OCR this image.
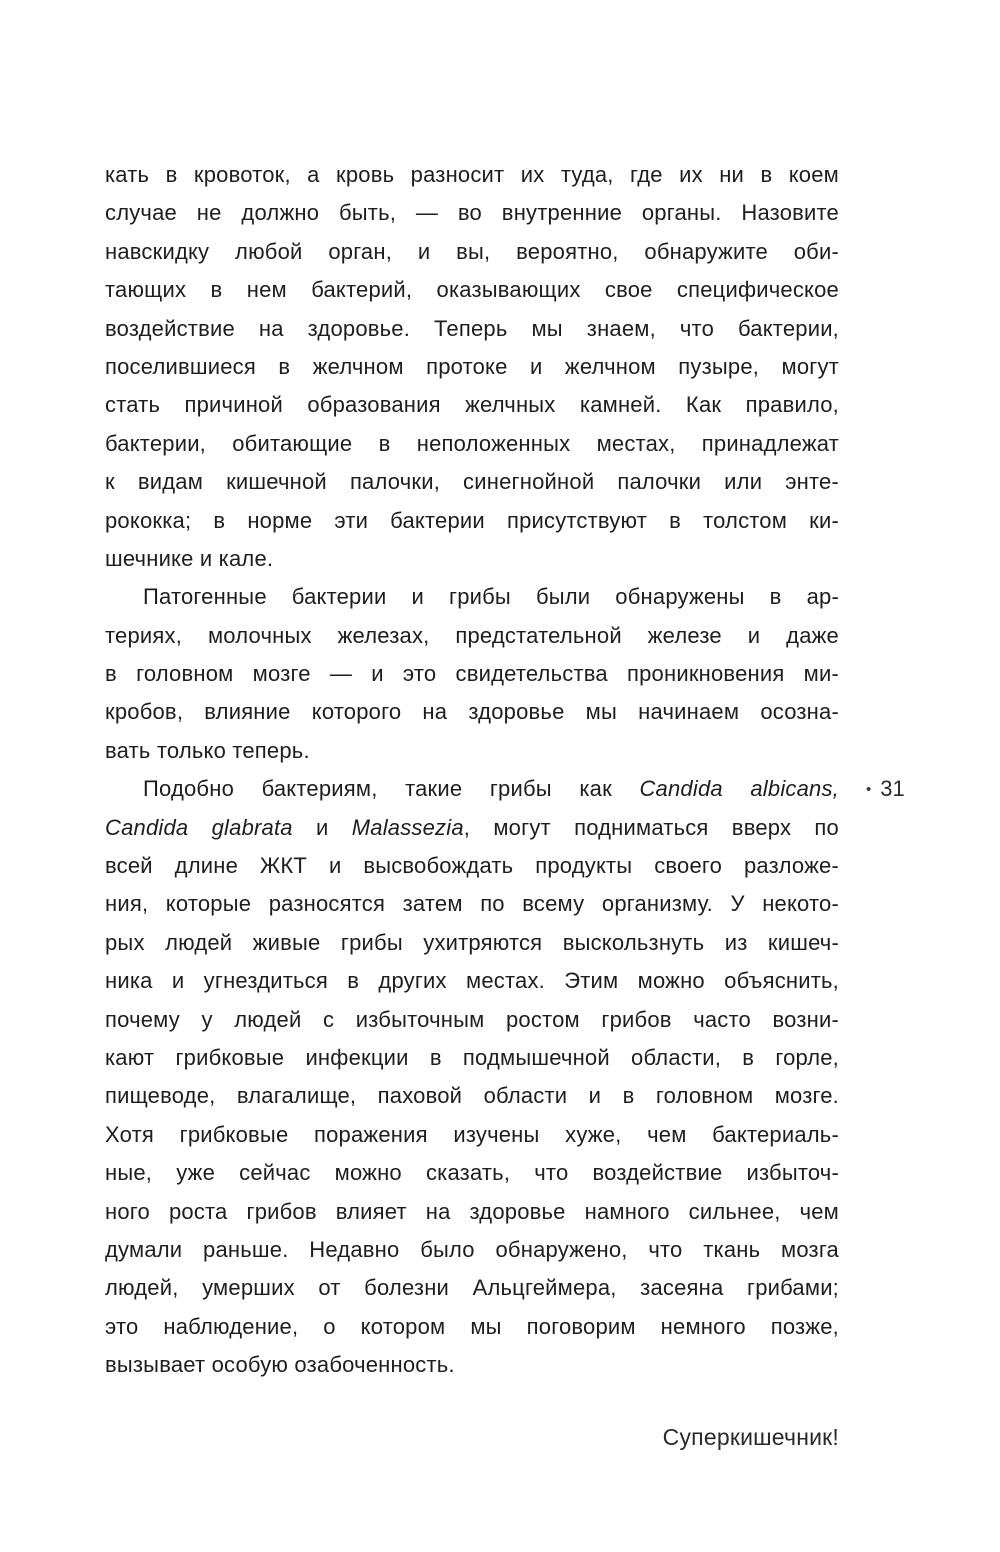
кать в кровоток, а кровь разносит их туда, где их ни в коем
случае не должно быть, — во внутренние органы. Назовите
навскидку любой орган, и вы, вероятно, обнаружите оби-
тающих в нем бактерий, оказывающих свое специфическое
воздействие на здоровье. Теперь мы знаем, что бактерии,
поселившиеся в желчном протоке и желчном пузыре, могут
стать причиной образования желчных камней. Как правило,
бактерии, обитающие в неположенных местах, принадлежат
к видам кишечной палочки, синегнойной палочки или энте-
рококка; в норме эти бактерии присутствуют в толстом ки-
шечнике и кале.
Патогенные бактерии и грибы были обнаружены в ар-
териях, молочных железах, предстательной железе и даже
в головном мозге — и это свидетельства проникновения ми-
кробов, влияние которого на здоровье мы начинаем осозна-
вать только теперь.
Подобно бактериям, такие грибы как Candida albicans,
Candida glabrata и Malassezia, могут подниматься вверх по
всей длине ЖКТ и высвобождать продукты своего разложе-
ния, которые разносятся затем по всему организму. У некото-
рых людей живые грибы ухитряются выскользнуть из кишеч-
ника и угнездиться в других местах. Этим можно объяснить,
почему у людей с избыточным ростом грибов часто возни-
кают грибковые инфекции в подмышечной области, в горле,
пищеводе, влагалище, паховой области и в головном мозге.
Хотя грибковые поражения изучены хуже, чем бактериаль-
ные, уже сейчас можно сказать, что воздействие избыточ-
ного роста грибов влияет на здоровье намного сильнее, чем
думали раньше. Недавно было обнаружено, что ткань мозга
людей, умерших от болезни Альцгеймера, засеяна грибами;
это наблюдение, о котором мы поговорим немного позже,
вызывает особую озабоченность.
• 31
Суперкишечник!
